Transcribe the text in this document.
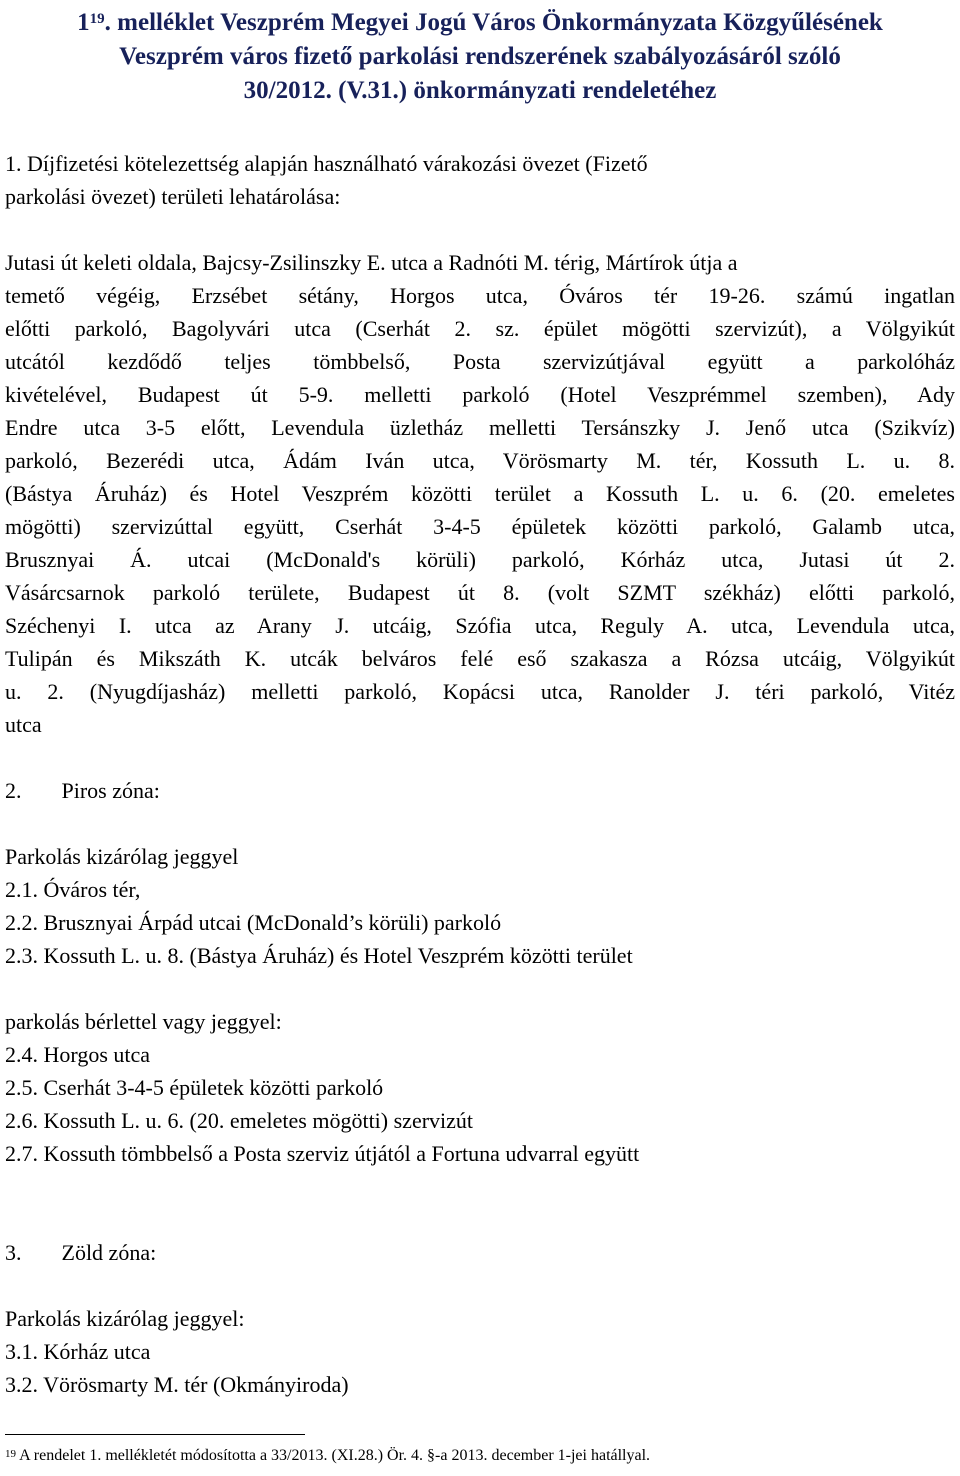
$1^{19}$. melléklet Veszprém Megyei Jogú Város Önkormányzata Közgyűlésének
Veszprém város fizető parkolási rendszerének szabályozásáról szóló
30/2012. (V.31.) önkormányzati rendeletéhez
1. Díjfizetési kötelezettség alapján használható várakozási övezet (Fizető
parkolási övezet) területi lehatárolása:
Jutasi út keleti oldala, Bajcsy-Zsilinszky E. utca a Radnóti M. térig, Mártírok útja a
temető végéig, Erzsébet sétány, Horgos utca, Óváros tér 19-26. számú ingatlan
előtti parkoló, Bagolyvári utca (Cserhát 2. sz. épület mögötti szervizút), a Völgyikút
utcától kezdődő teljes tömbbelső, Posta szervizútjával együtt a parkolóház
kivételével, Budapest út 5-9. melletti parkoló (Hotel Veszprémmel szemben), Ady
Endre utca 3-5 előtt, Levendula üzletház melletti Tersánszky J. Jenő utca (Szikvíz)
parkoló, Bezerédi utca, Ádám Iván utca, Vörösmarty M. tér, Kossuth L. u. 8.
(Bástya Áruház) és Hotel Veszprém közötti terület a Kossuth L. u. 6. (20. emeletes
mögötti) szervizúttal együtt, Cserhát 3-4-5 épületek közötti parkoló, Galamb utca,
Brusznyai Á. utcai (McDonald's körüli) parkoló, Kórház utca, Jutasi út 2.
Vásárcsarnok parkoló területe, Budapest út 8. (volt SZMT székház) előtti parkoló,
Széchenyi I. utca az Arany J. utcáig, Szófia utca, Reguly A. utca, Levendula utca,
Tulipán és Mikszáth K. utcák belváros felé eső szakasza a Rózsa utcáig, Völgyikút
u. 2. (Nyugdíjasház) melletti parkoló, Kopácsi utca, Ranolder J. téri parkoló, Vitéz
utca
2. Piros zóna:
Parkolás kizárólag jeggyel
2.1. Óváros tér,
2.2. Brusznyai Árpád utcai (McDonald’s körüli) parkoló
2.3. Kossuth L. u. 8. (Bástya Áruház) és Hotel Veszprém közötti terület
parkolás bérlettel vagy jeggyel:
2.4. Horgos utca
2.5. Cserhát 3-4-5 épületek közötti parkoló
2.6. Kossuth L. u. 6. (20. emeletes mögötti) szervizút
2.7. Kossuth tömbbelső a Posta szerviz útjától a Fortuna udvarral együtt
3. Zöld zóna:
Parkolás kizárólag jeggyel:
3.1. Kórház utca
3.2. Vörösmarty M. tér (Okmányiroda)
$^{19}$ A rendelet 1. mellékletét módosította a 33/2013. (XI.28.) Ör. 4. §-a 2013. december 1-jei hatállyal.
